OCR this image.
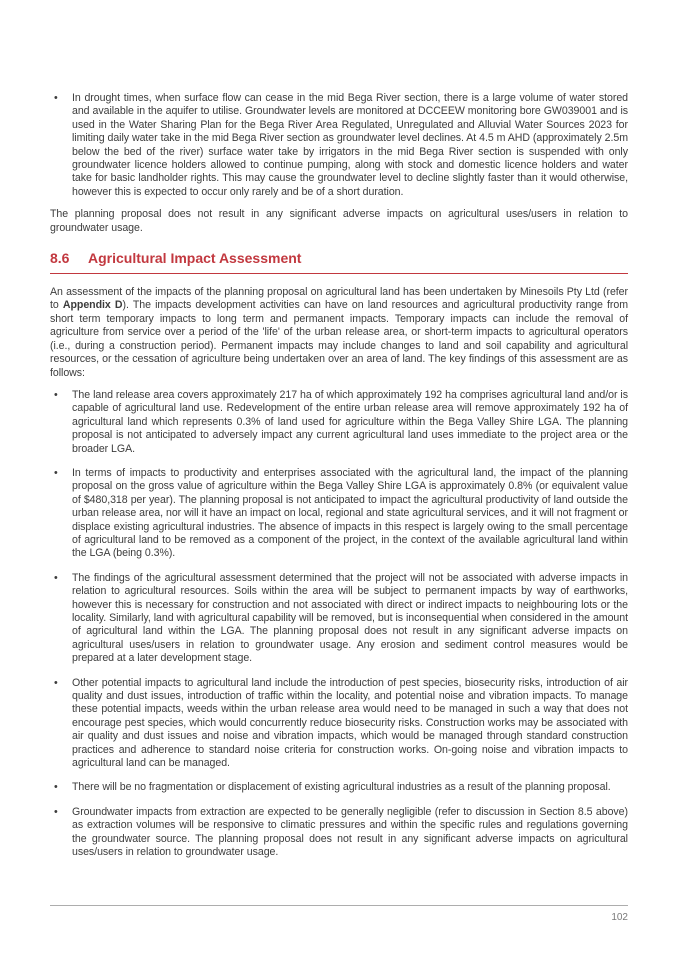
•

In drought times, when surface flow can cease in the mid Bega River section, there is a large volume of water stored and available in the aquifer to utilise. Groundwater levels are monitored at DCCEEW monitoring bore GW039001 and is used in the Water Sharing Plan for the Bega River Area Regulated, Unregulated and Alluvial Water Sources 2023 for limiting daily water take in the mid Bega River section as groundwater level declines. At 4.5 m AHD (approximately 2.5m below the bed of the river) surface water take by irrigators in the mid Bega River section is suspended with only groundwater licence holders allowed to continue pumping, along with stock and domestic licence holders and water take for basic landholder rights. This may cause the groundwater level to decline slightly faster than it would otherwise, however this is expected to occur only rarely and be of a short duration.

The planning proposal does not result in any significant adverse impacts on agricultural uses/users in relation to groundwater usage.

8.6	Agricultural Impact Assessment

An assessment of the impacts of the planning proposal on agricultural land has been undertaken by Minesoils Pty Ltd (refer to Appendix D). The impacts development activities can have on land resources and agricultural productivity range from short term temporary impacts to long term and permanent impacts. Temporary impacts can include the removal of agriculture from service over a period of the 'life' of the urban release area, or short-term impacts to agricultural operators (i.e., during a construction period). Permanent impacts may include changes to land and soil capability and agricultural resources, or the cessation of agriculture being undertaken over an area of land. The key findings of this assessment are as follows:

•

The land release area covers approximately 217 ha of which approximately 192 ha comprises agricultural land and/or is capable of agricultural land use. Redevelopment of the entire urban release area will remove approximately 192 ha of agricultural land which represents 0.3% of land used for agriculture within the Bega Valley Shire LGA. The planning proposal is not anticipated to adversely impact any current agricultural land uses immediate to the project area or the broader LGA.

•

In terms of impacts to productivity and enterprises associated with the agricultural land, the impact of the planning proposal on the gross value of agriculture within the Bega Valley Shire LGA is approximately 0.8% (or equivalent value of $480,318 per year). The planning proposal is not anticipated to impact the agricultural productivity of land outside the urban release area, nor will it have an impact on local, regional and state agricultural services, and it will not fragment or displace existing agricultural industries. The absence of impacts in this respect is largely owing to the small percentage of agricultural land to be removed as a component of the project, in the context of the available agricultural land within the LGA (being 0.3%).

•

The findings of the agricultural assessment determined that the project will not be associated with adverse impacts in relation to agricultural resources. Soils within the area will be subject to permanent impacts by way of earthworks, however this is necessary for construction and not associated with direct or indirect impacts to neighbouring lots or the locality. Similarly, land with agricultural capability will be removed, but is inconsequential when considered in the amount of agricultural land within the LGA. The planning proposal does not result in any significant adverse impacts on agricultural uses/users in relation to groundwater usage. Any erosion and sediment control measures would be prepared at a later development stage.

•

Other potential impacts to agricultural land include the introduction of pest species, biosecurity risks, introduction of air quality and dust issues, introduction of traffic within the locality, and potential noise and vibration impacts. To manage these potential impacts, weeds within the urban release area would need to be managed in such a way that does not encourage pest species, which would concurrently reduce biosecurity risks. Construction works may be associated with air quality and dust issues and noise and vibration impacts, which would be managed through standard construction practices and adherence to standard noise criteria for construction works. On-going noise and vibration impacts to agricultural land can be managed.

•

There will be no fragmentation or displacement of existing agricultural industries as a result of the planning proposal.

•

Groundwater impacts from extraction are expected to be generally negligible (refer to discussion in Section 8.5 above) as extraction volumes will be responsive to climatic pressures and within the specific rules and regulations governing the groundwater source. The planning proposal does not result in any significant adverse impacts on agricultural uses/users in relation to groundwater usage.

102
